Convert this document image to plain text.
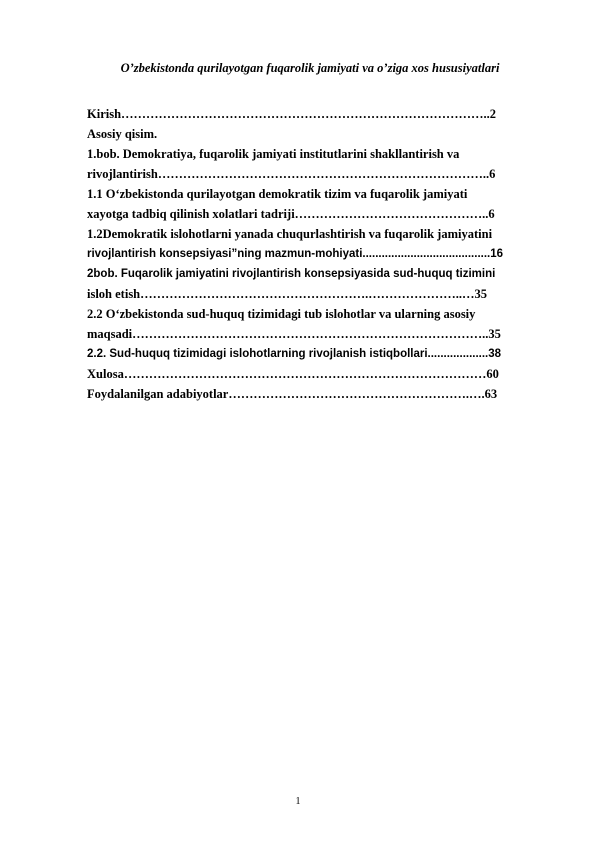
O’zbekistonda qurilayotgan fuqarolik jamiyati va o’ziga xos hususiyatlari
Kirish……………………………………………………………………………..2
Asosiy qisim.
1.bob. Demokratiya, fuqarolik jamiyati institutlarini shakllantirish va
rivojlantirish……………………………………………………………………..6
1.1 O‘zbekistonda qurilayotgan demokratik tizim va fuqarolik jamiyati
xayotga tadbiq qilinish xolatlari tadriji………………………………………..6
1.2Demokratik islohotlarni yanada chuqurlashtirish va fuqarolik jamiyatini
rivojlantirish konsepsiyasi”ning mazmun-mohiyati........................................16
2bob. Fuqarolik jamiyatini rivojlantirish konsepsiyasida sud-huquq tizimini
isloh etish……………………………………………….…………………..…35
2.2 O‘zbekistonda sud-huquq tizimidagi tub islohotlar va ularning asosiy
maqsadi…………………………………………………………………………..35
2.2. Sud-huquq tizimidagi islohotlarning rivojlanish istiqbollari...................38
Xulosa……………………………………………………………………………60
Foydalanilgan adabiyotlar………………………………………………….….63
1
